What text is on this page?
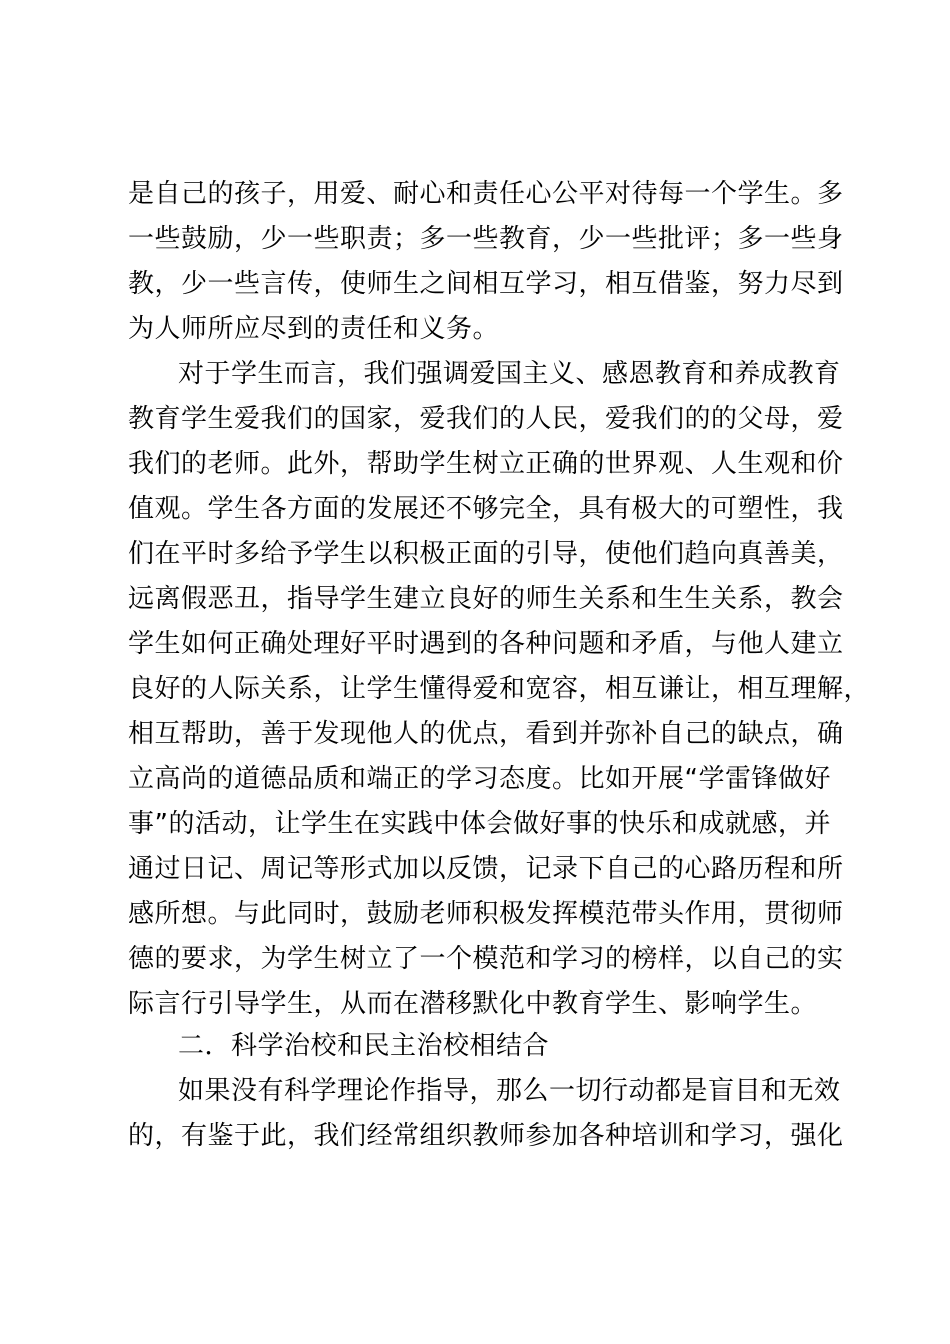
是自己的孩子，用爱、耐心和责任心公平对待每一个学生。多
一些鼓励，少一些职责；多一些教育，少一些批评；多一些身
教，少一些言传，使师生之间相互学习，相互借鉴，努力尽到
为人师所应尽到的责任和义务。
对于学生而言，我们强调爱国主义、感恩教育和养成教育
教育学生爱我们的国家，爱我们的人民，爱我们的的父母，爱
我们的老师。此外，帮助学生树立正确的世界观、人生观和价
值观。学生各方面的发展还不够完全，具有极大的可塑性，我
们在平时多给予学生以积极正面的引导，使他们趋向真善美，
远离假恶丑，指导学生建立良好的师生关系和生生关系，教会
学生如何正确处理好平时遇到的各种问题和矛盾，与他人建立
良好的人际关系，让学生懂得爱和宽容，相互谦让，相互理解，
相互帮助，善于发现他人的优点，看到并弥补自己的缺点，确
立高尚的道德品质和端正的学习态度。比如开展“学雷锋做好
事”的活动，让学生在实践中体会做好事的快乐和成就感，并
通过日记、周记等形式加以反馈，记录下自己的心路历程和所
感所想。与此同时，鼓励老师积极发挥模范带头作用，贯彻师
德的要求，为学生树立了一个模范和学习的榜样，以自己的实
际言行引导学生，从而在潜移默化中教育学生、影响学生。
二．科学治校和民主治校相结合
如果没有科学理论作指导，那么一切行动都是盲目和无效
的，有鉴于此，我们经常组织教师参加各种培训和学习，强化
